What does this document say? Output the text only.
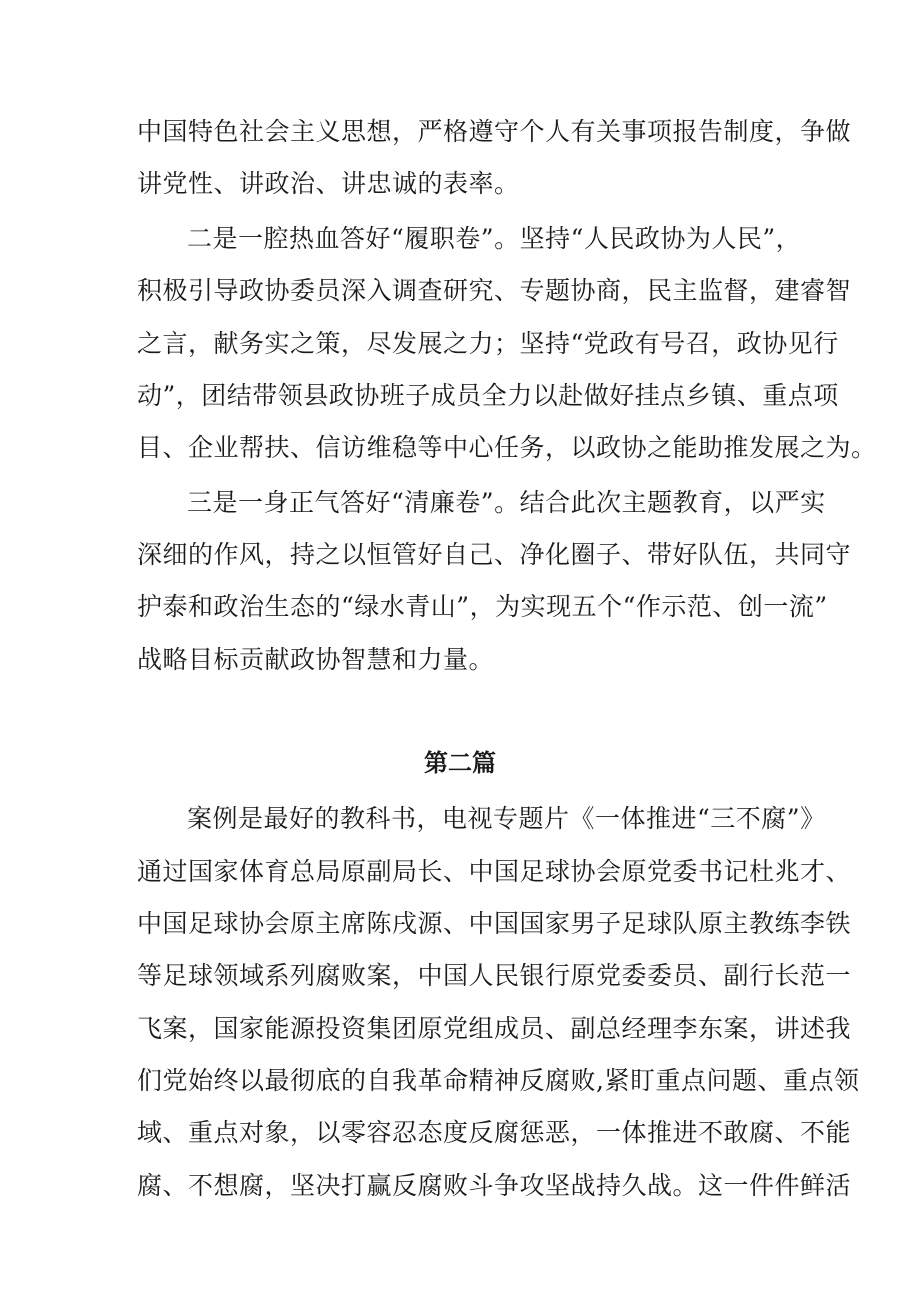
中国特色社会主义思想，严格遵守个人有关事项报告制度，争做
讲党性、讲政治、讲忠诚的表率。
二是一腔热血答好“履职卷”。坚持“人民政协为人民”，
积极引导政协委员深入调查研究、专题协商，民主监督，建睿智
之言，献务实之策，尽发展之力；坚持“党政有号召，政协见行
动”，团结带领县政协班子成员全力以赴做好挂点乡镇、重点项
目、企业帮扶、信访维稳等中心任务，以政协之能助推发展之为。
三是一身正气答好“清廉卷”。结合此次主题教育，以严实
深细的作风，持之以恒管好自己、净化圈子、带好队伍，共同守
护泰和政治生态的“绿水青山”，为实现五个“作示范、创一流”
战略目标贡献政协智慧和力量。
第二篇
案例是最好的教科书，电视专题片《一体推进“三不腐”》
通过国家体育总局原副局长、中国足球协会原党委书记杜兆才、
中国足球协会原主席陈戌源、中国国家男子足球队原主教练李铁
等足球领域系列腐败案，中国人民银行原党委委员、副行长范一
飞案，国家能源投资集团原党组成员、副总经理李东案，讲述我
们党始终以最彻底的自我革命精神反腐败,紧盯重点问题、重点领
域、重点对象，以零容忍态度反腐惩恶，一体推进不敢腐、不能
腐、不想腐，坚决打赢反腐败斗争攻坚战持久战。这一件件鲜活
